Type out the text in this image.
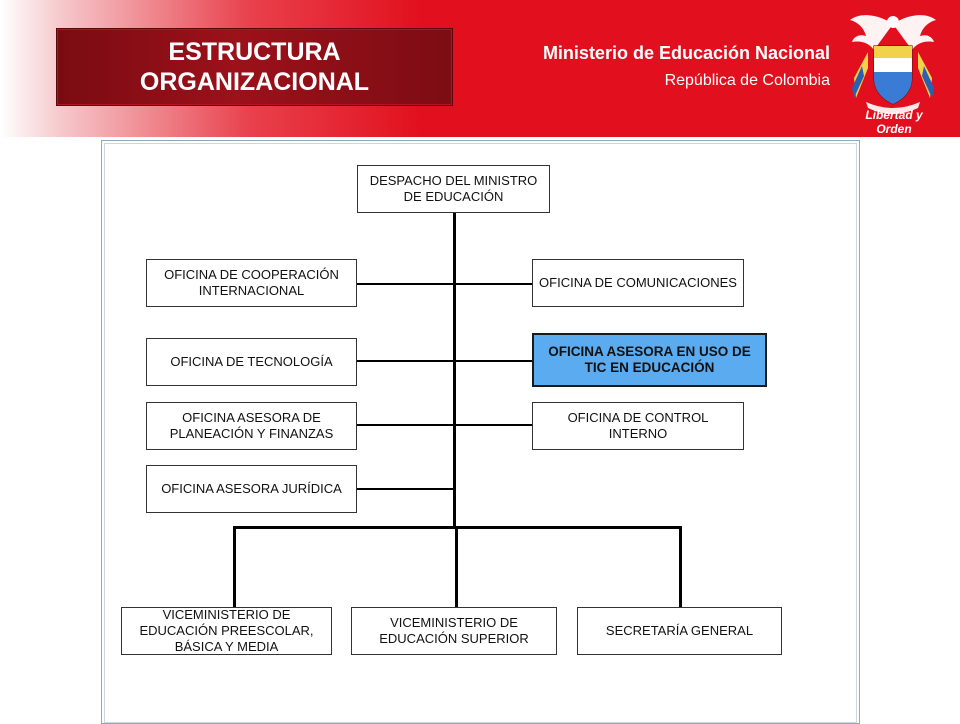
ESTRUCTURA
ORGANIZACIONAL
Ministerio de Educación Nacional
República de Colombia
Libertad y Orden
DESPACHO DEL MINISTRO DE EDUCACIÓN
OFICINA DE COOPERACIÓN INTERNACIONAL
OFICINA DE TECNOLOGÍA
OFICINA ASESORA DE PLANEACIÓN Y FINANZAS
OFICINA ASESORA JURÍDICA
OFICINA DE COMUNICACIONES
OFICINA ASESORA EN USO DE TIC EN EDUCACIÓN
OFICINA DE CONTROL INTERNO
VICEMINISTERIO DE EDUCACIÓN PREESCOLAR, BÁSICA Y MEDIA
VICEMINISTERIO DE EDUCACIÓN SUPERIOR
SECRETARÍA GENERAL
